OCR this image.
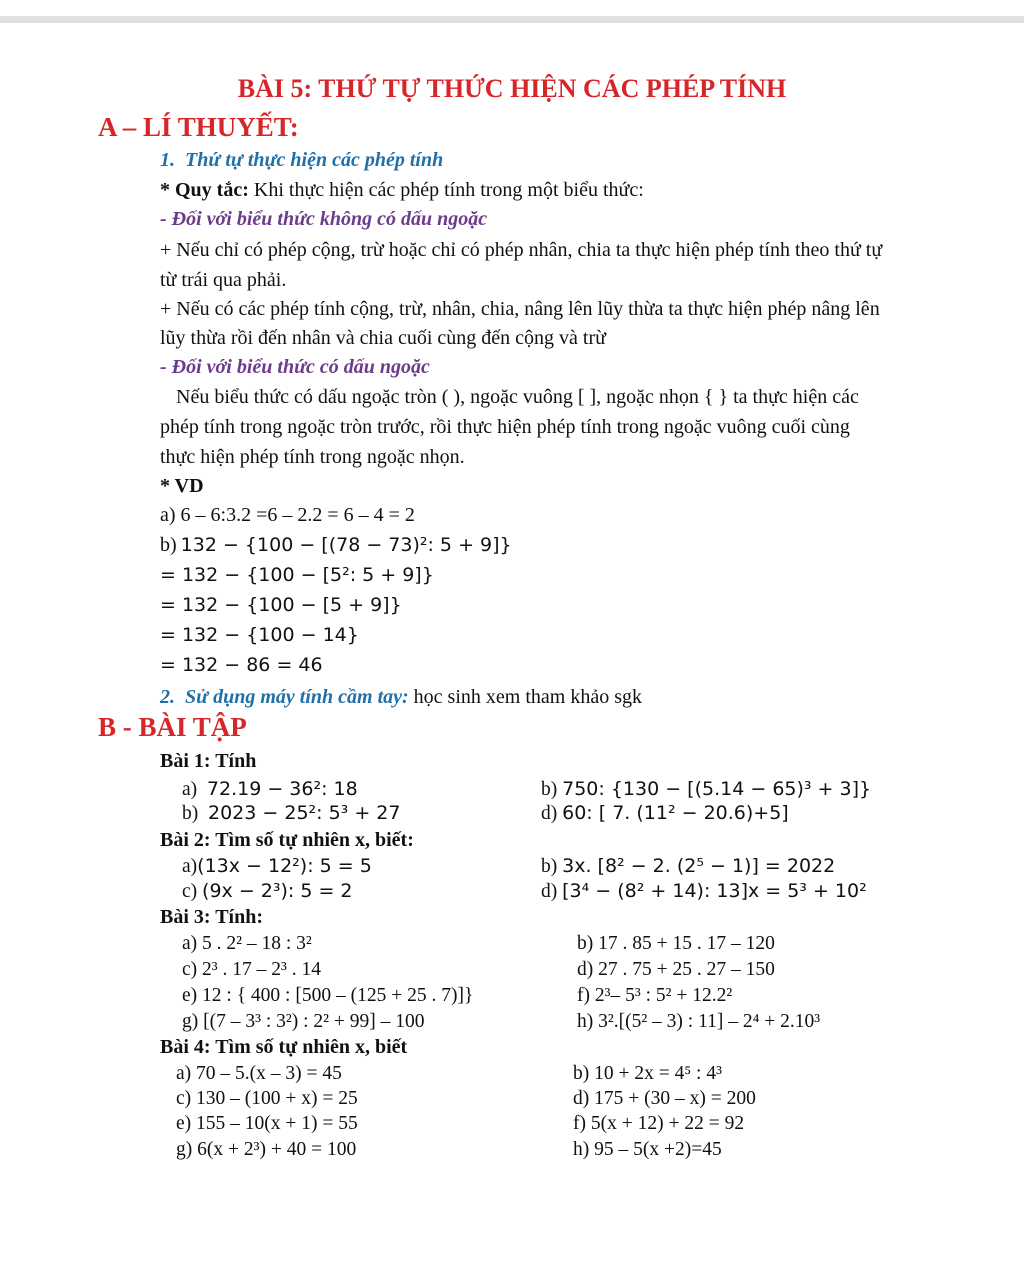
BÀI 5: THỨ TỰ THỨC HIỆN CÁC PHÉP TÍNH
A – LÍ THUYẾT:
1. Thứ tự thực hiện các phép tính
* Quy tắc: Khi thực hiện các phép tính trong một biểu thức:
- Đối với biểu thức không có dấu ngoặc
+ Nếu chỉ có phép cộng, trừ hoặc chỉ có phép nhân, chia ta thực hiện phép tính theo thứ tự
từ trái qua phải.
+ Nếu có các phép tính cộng, trừ, nhân, chia, nâng lên lũy thừa ta thực hiện phép nâng lên
lũy thừa rồi đến nhân và chia cuối cùng đến cộng và trừ
- Đối với biểu thức có dấu ngoặc
Nếu biểu thức có dấu ngoặc tròn ( ), ngoặc vuông [ ], ngoặc nhọn { } ta thực hiện các
phép tính trong ngoặc tròn trước, rồi thực hiện phép tính trong ngoặc vuông cuối cùng
thực hiện phép tính trong ngoặc nhọn.
* VD
a) 6 – 6:3.2 =6 – 2.2 = 6 – 4 = 2
b) 132 − {100 − [(78 − 73)²: 5 + 9]}
= 132 − {100 − [5²: 5 + 9]}
= 132 − {100 − [5 + 9]}
= 132 − {100 − 14}
= 132 − 86 = 46
2. Sử dụng máy tính cầm tay: học sinh xem tham khảo sgk
B - BÀI TẬP
Bài 1: Tính
a) 72.19 − 36²: 18	b) 750: {130 − [(5.14 − 65)³ + 3]}
b) 2023 − 25²: 5³ + 27	d) 60: [ 7. (11² − 20.6)+5]
Bài 2: Tìm số tự nhiên x, biết:
a)(13x − 12²): 5 = 5	b) 3x. [8² − 2. (2⁵ − 1)] = 2022
c) (9x − 2³): 5 = 2	d) [3⁴ − (8² + 14): 13]x = 5³ + 10²
Bài 3: Tính:
a) 5 . 2² – 18 : 3²	b) 17 . 85 + 15 . 17 – 120
c) 2³ . 17 – 2³ . 14	d) 27 . 75 + 25 . 27 – 150
e) 12 : { 400 : [500 – (125 + 25 . 7)]}	f) 2³– 5³ : 5² + 12.2²
g) [(7 – 3³ : 3²) : 2² + 99] – 100	h) 3².[(5² – 3) : 11] – 2⁴ + 2.10³
Bài 4: Tìm số tự nhiên x, biết
a) 70 – 5.(x – 3) = 45	b) 10 + 2x = 4⁵ : 4³
c) 130 – (100 + x) = 25	d) 175 + (30 – x) = 200
e) 155 – 10(x + 1) = 55	f) 5(x + 12) + 22 = 92
g) 6(x + 2³) + 40 = 100	h) 95 – 5(x +2)=45
